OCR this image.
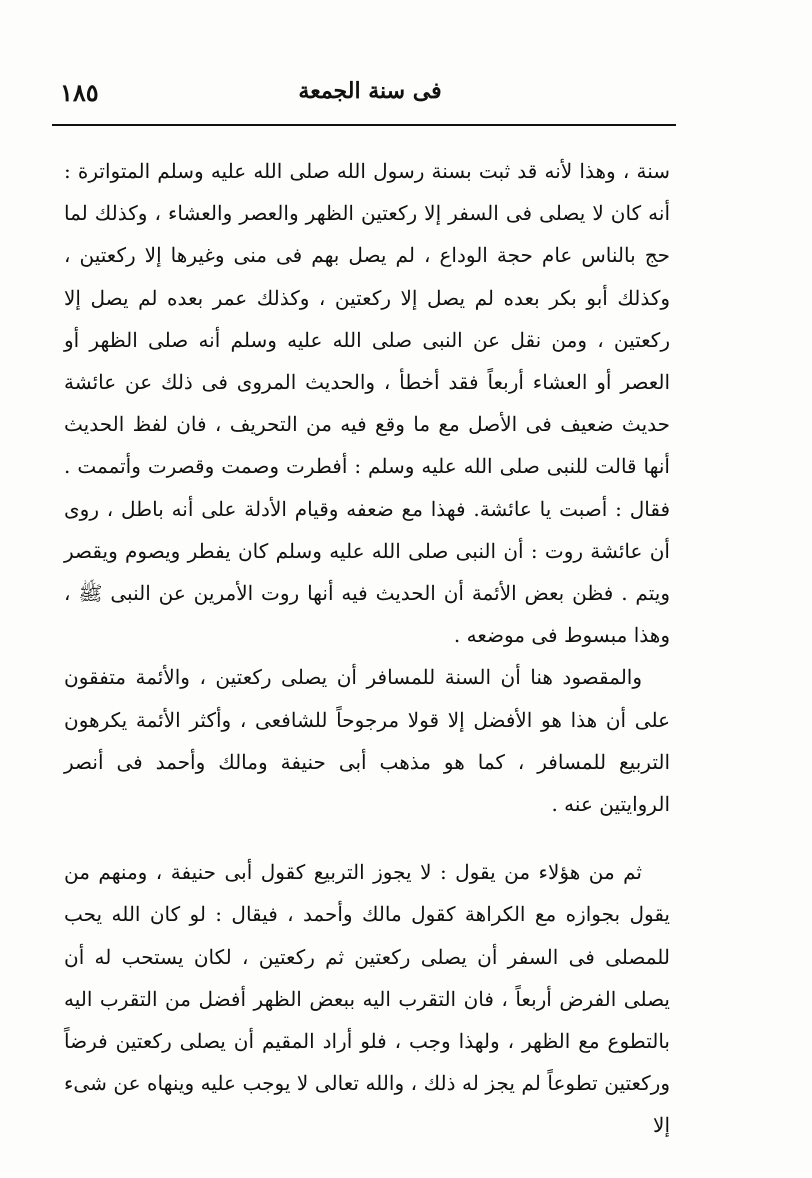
١٨٥	فى سنة الجمعة

سنة ، وهذا لأنه قد ثبت بسنة رسول الله صلى الله عليه وسلم المتواترة : أنه كان لا يصلى فى السفر إلا ركعتين الظهر والعصر والعشاء ، وكذلك لما حج بالناس عام حجة الوداع ، لم يصل بهم فى منى وغيرها إلا ركعتين ، وكذلك أبو بكر بعده لم يصل إلا ركعتين ، وكذلك عمر بعده لم يصل إلا ركعتين ، ومن نقل عن النبى صلى الله عليه وسلم أنه صلى الظهر أو العصر أو العشاء أربعاً فقد أخطأ ، والحديث المروى فى ذلك عن عائشة حديث ضعيف فى الأصل مع ما وقع فيه من التحريف ، فان لفظ الحديث أنها قالت للنبى صلى الله عليه وسلم : أفطرت وصمت وقصرت وأتممت . فقال : أصبت يا عائشة. فهذا مع ضعفه وقيام الأدلة على أنه باطل ، روى أن عائشة روت : أن النبى صلى الله عليه وسلم كان يفطر ويصوم ويقصر ويتم . فظن بعض الأئمة أن الحديث فيه أنها روت الأمرين عن النبى ﷺ ، وهذا مبسوط فى موضعه .

والمقصود هنا أن السنة للمسافر أن يصلى ركعتين ، والأئمة متفقون على أن هذا هو الأفضل إلا قولا مرجوحاً للشافعى ، وأكثر الأئمة يكرهون التربيع للمسافر ، كما هو مذهب أبى حنيفة ومالك وأحمد فى أنصر الروايتين عنه .

ثم من هؤلاء من يقول : لا يجوز التربيع كقول أبى حنيفة ، ومنهم من يقول بجوازه مع الكراهة كقول مالك وأحمد ، فيقال : لو كان الله يحب للمصلى فى السفر أن يصلى ركعتين ثم ركعتين ، لكان يستحب له أن يصلى الفرض أربعاً ، فان التقرب اليه ببعض الظهر أفضل من التقرب اليه بالتطوع مع الظهر ، ولهذا وجب ، فلو أراد المقيم أن يصلى ركعتين فرضاً وركعتين تطوعاً لم يجز له ذلك ، والله تعالى لا يوجب عليه وينهاه عن شىء إلا
